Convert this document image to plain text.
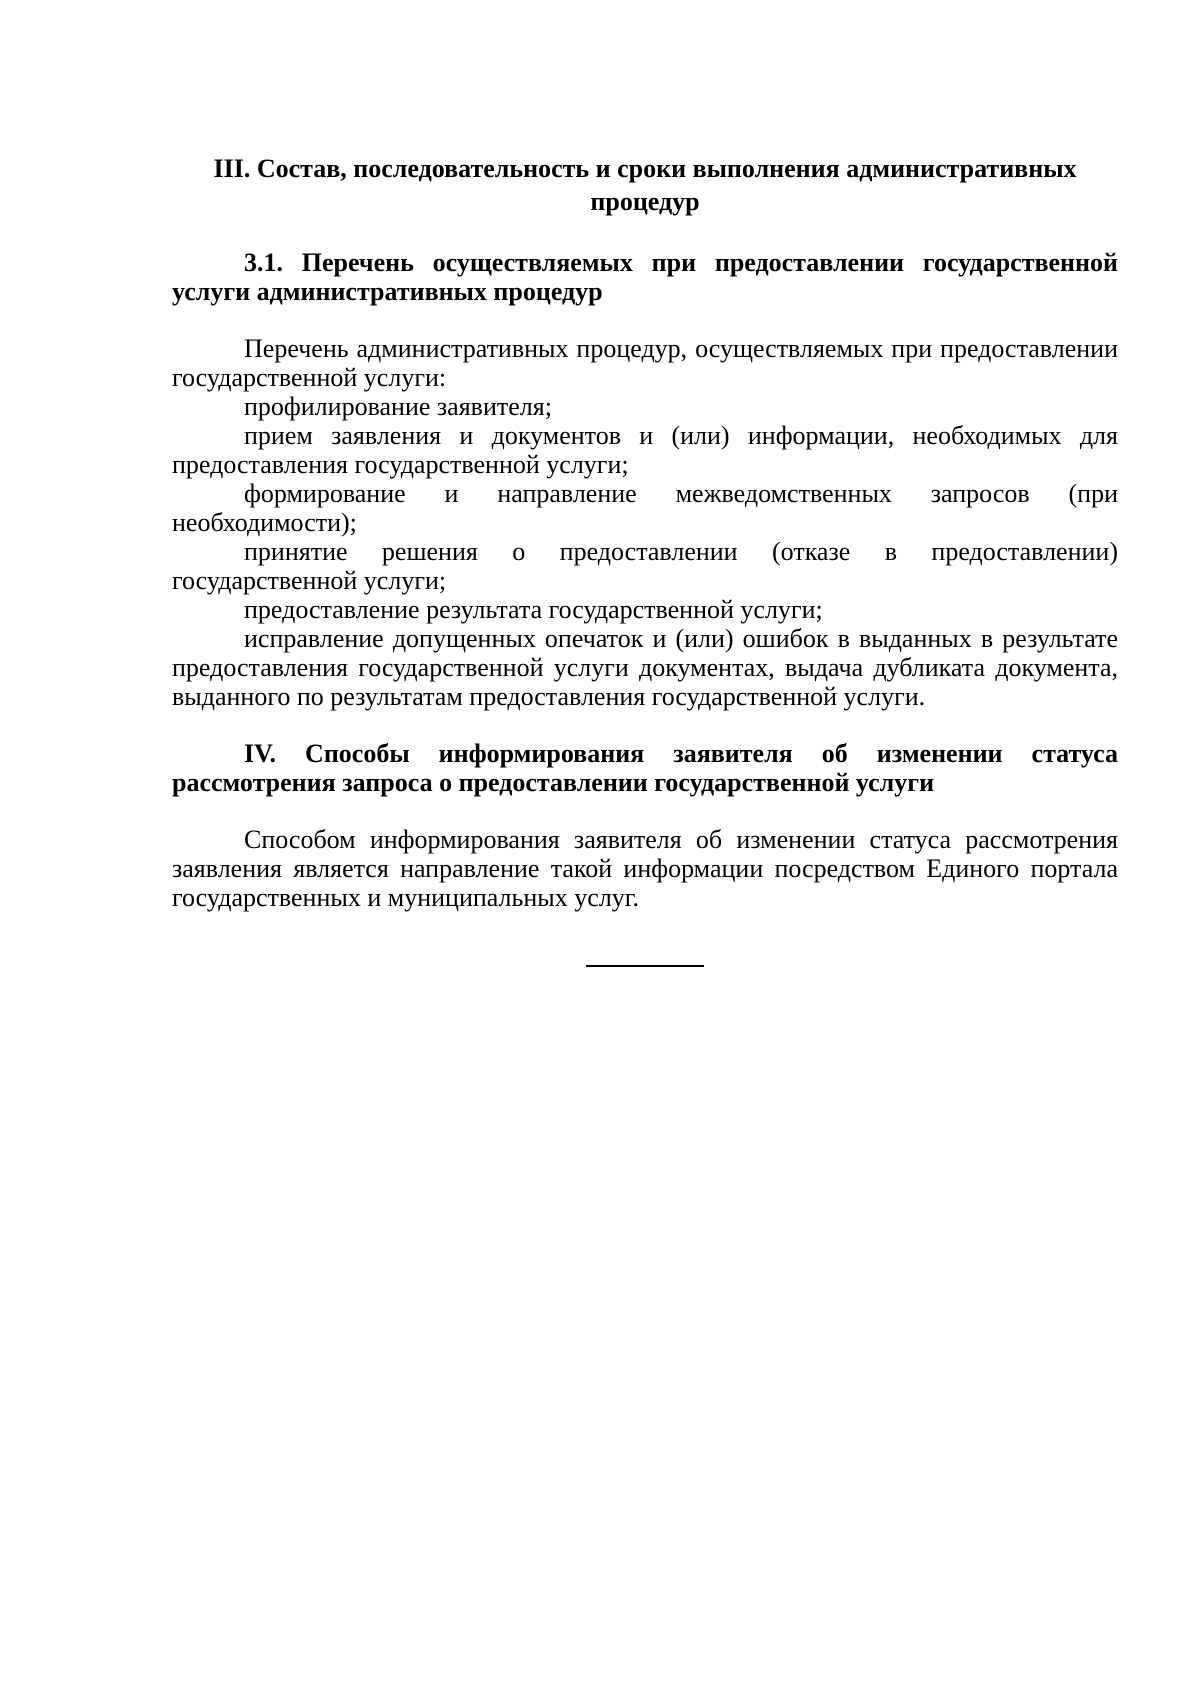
III. Состав, последовательность и сроки выполнения административных процедур

3.1. Перечень осуществляемых при предоставлении государственной услуги административных процедур

Перечень административных процедур, осуществляемых при предоставлении государственной услуги:

профилирование заявителя;

прием заявления и документов и (или) информации, необходимых для предоставления государственной услуги;

формирование и направление межведомственных запросов (при необходимости);

принятие решения о предоставлении (отказе в предоставлении) государственной услуги;

предоставление результата государственной услуги;

исправление допущенных опечаток и (или) ошибок в выданных в результате предоставления государственной услуги документах, выдача дубликата документа, выданного по результатам предоставления государственной услуги.

IV. Способы информирования заявителя об изменении статуса рассмотрения запроса о предоставлении государственной услуги

Способом информирования заявителя об изменении статуса рассмотрения заявления является направление такой информации посредством Единого портала государственных и муниципальных услуг.
